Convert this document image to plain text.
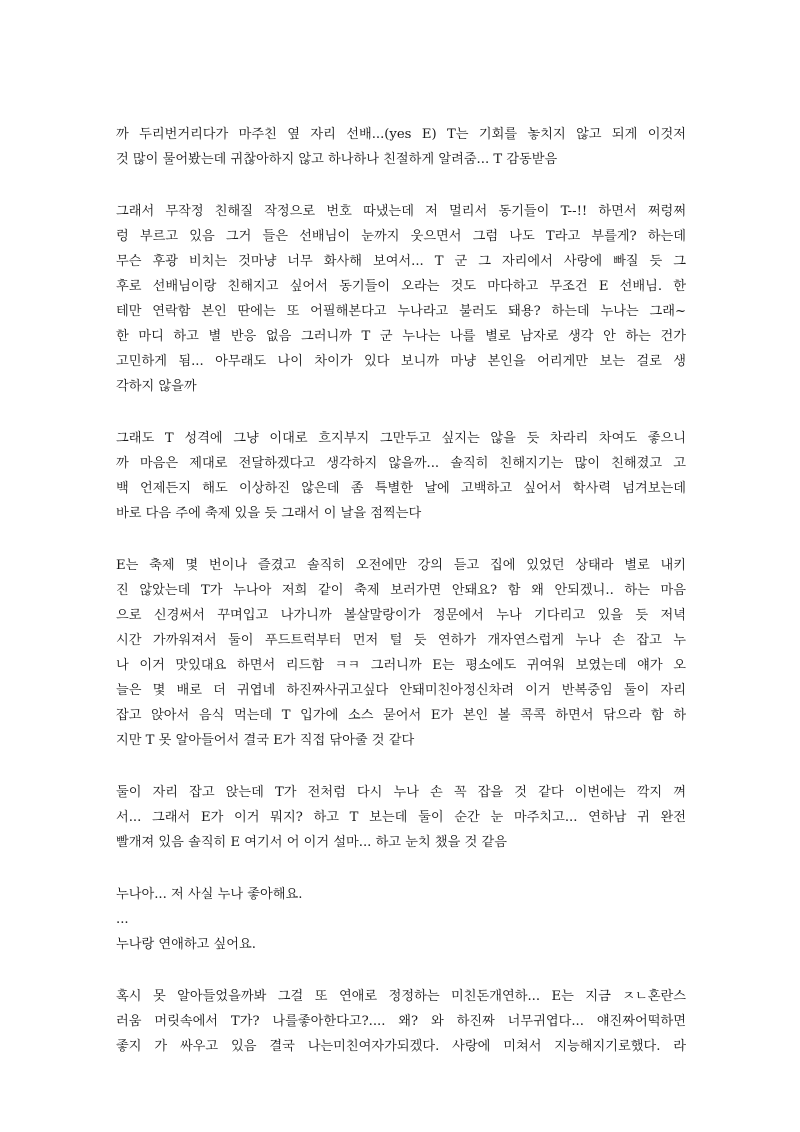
까 두리번거리다가 마주친 옆 자리 선배...(yes E) T는 기회를 놓치지 않고 되게 이것저
것 많이 물어봤는데 귀찮아하지 않고 하나하나 친절하게 알려줌... T 감동받음
그래서 무작정 친해질 작정으로 번호 따냈는데 저 멀리서 동기들이 T--!! 하면서 쩌렁쩌
렁 부르고 있음 그거 들은 선배님이 눈까지 웃으면서 그럼 나도 T라고 부를게? 하는데
무슨 후광 비치는 것마냥 너무 화사해 보여서... T 군 그 자리에서 사랑에 빠질 듯 그
후로 선배님이랑 친해지고 싶어서 동기들이 오라는 것도 마다하고 무조건 E 선배님. 한
테만 연락함 본인 딴에는 또 어필해본다고 누나라고 불러도 돼용? 하는데 누나는 그래~
한 마디 하고 별 반응 없음 그러니까 T 군 누나는 나를 별로 남자로 생각 안 하는 건가
고민하게 됨... 아무래도 나이 차이가 있다 보니까 마냥 본인을 어리게만 보는 걸로 생
각하지 않을까
그래도 T 성격에 그냥 이대로 흐지부지 그만두고 싶지는 않을 듯 차라리 차여도 좋으니
까 마음은 제대로 전달하겠다고 생각하지 않을까... 솔직히 친해지기는 많이 친해졌고 고
백 언제든지 해도 이상하진 않은데 좀 특별한 날에 고백하고 싶어서 학사력 넘겨보는데
바로 다음 주에 축제 있을 듯 그래서 이 날을 점찍는다
E는 축제 몇 번이나 즐겼고 솔직히 오전에만 강의 듣고 집에 있었던 상태라 별로 내키
진 않았는데 T가 누나아 저희 같이 축제 보러가면 안돼요? 함 왜 안되겠니.. 하는 마음
으로 신경써서 꾸며입고 나가니까 볼살말랑이가 정문에서 누나 기다리고 있을 듯 저녁
시간 가까워져서 둘이 푸드트럭부터 먼저 털 듯 연하가 개자연스럽게 누나 손 잡고 누
나 이거 맛있대요 하면서 리드함 ㅋㅋ 그러니까 E는 평소에도 귀여워 보였는데 얘가 오
늘은 몇 배로 더 귀엽네 하진짜사귀고싶다 안돼미친아정신차려 이거 반복중임 둘이 자리
잡고 앉아서 음식 먹는데 T 입가에 소스 묻어서 E가 본인 볼 콕콕 하면서 닦으라 함 하
지만 T 못 알아들어서 결국 E가 직접 닦아줄 것 같다
둘이 자리 잡고 앉는데 T가 전처럼 다시 누나 손 꼭 잡을 것 같다 이번에는 깍지 껴
서... 그래서 E가 이거 뭐지? 하고 T 보는데 둘이 순간 눈 마주치고... 연하남 귀 완전
빨개져 있음 솔직히 E 여기서 어 이거 설마... 하고 눈치 챘을 것 같음
누나아... 저 사실 누나 좋아해요.
...
누나랑 연애하고 싶어요.
혹시 못 알아들었을까봐 그걸 또 연애로 정정하는 미친돈개연하... E는 지금 ㅈㄴ혼란스
러움 머릿속에서 T가? 나를좋아한다고?.... 왜? 와 하진짜 너무귀엽다... 얘진짜어떡하면
좋지 가 싸우고 있음 결국 나는미친여자가되겠다. 사랑에 미쳐서 지능해지기로했다. 라
